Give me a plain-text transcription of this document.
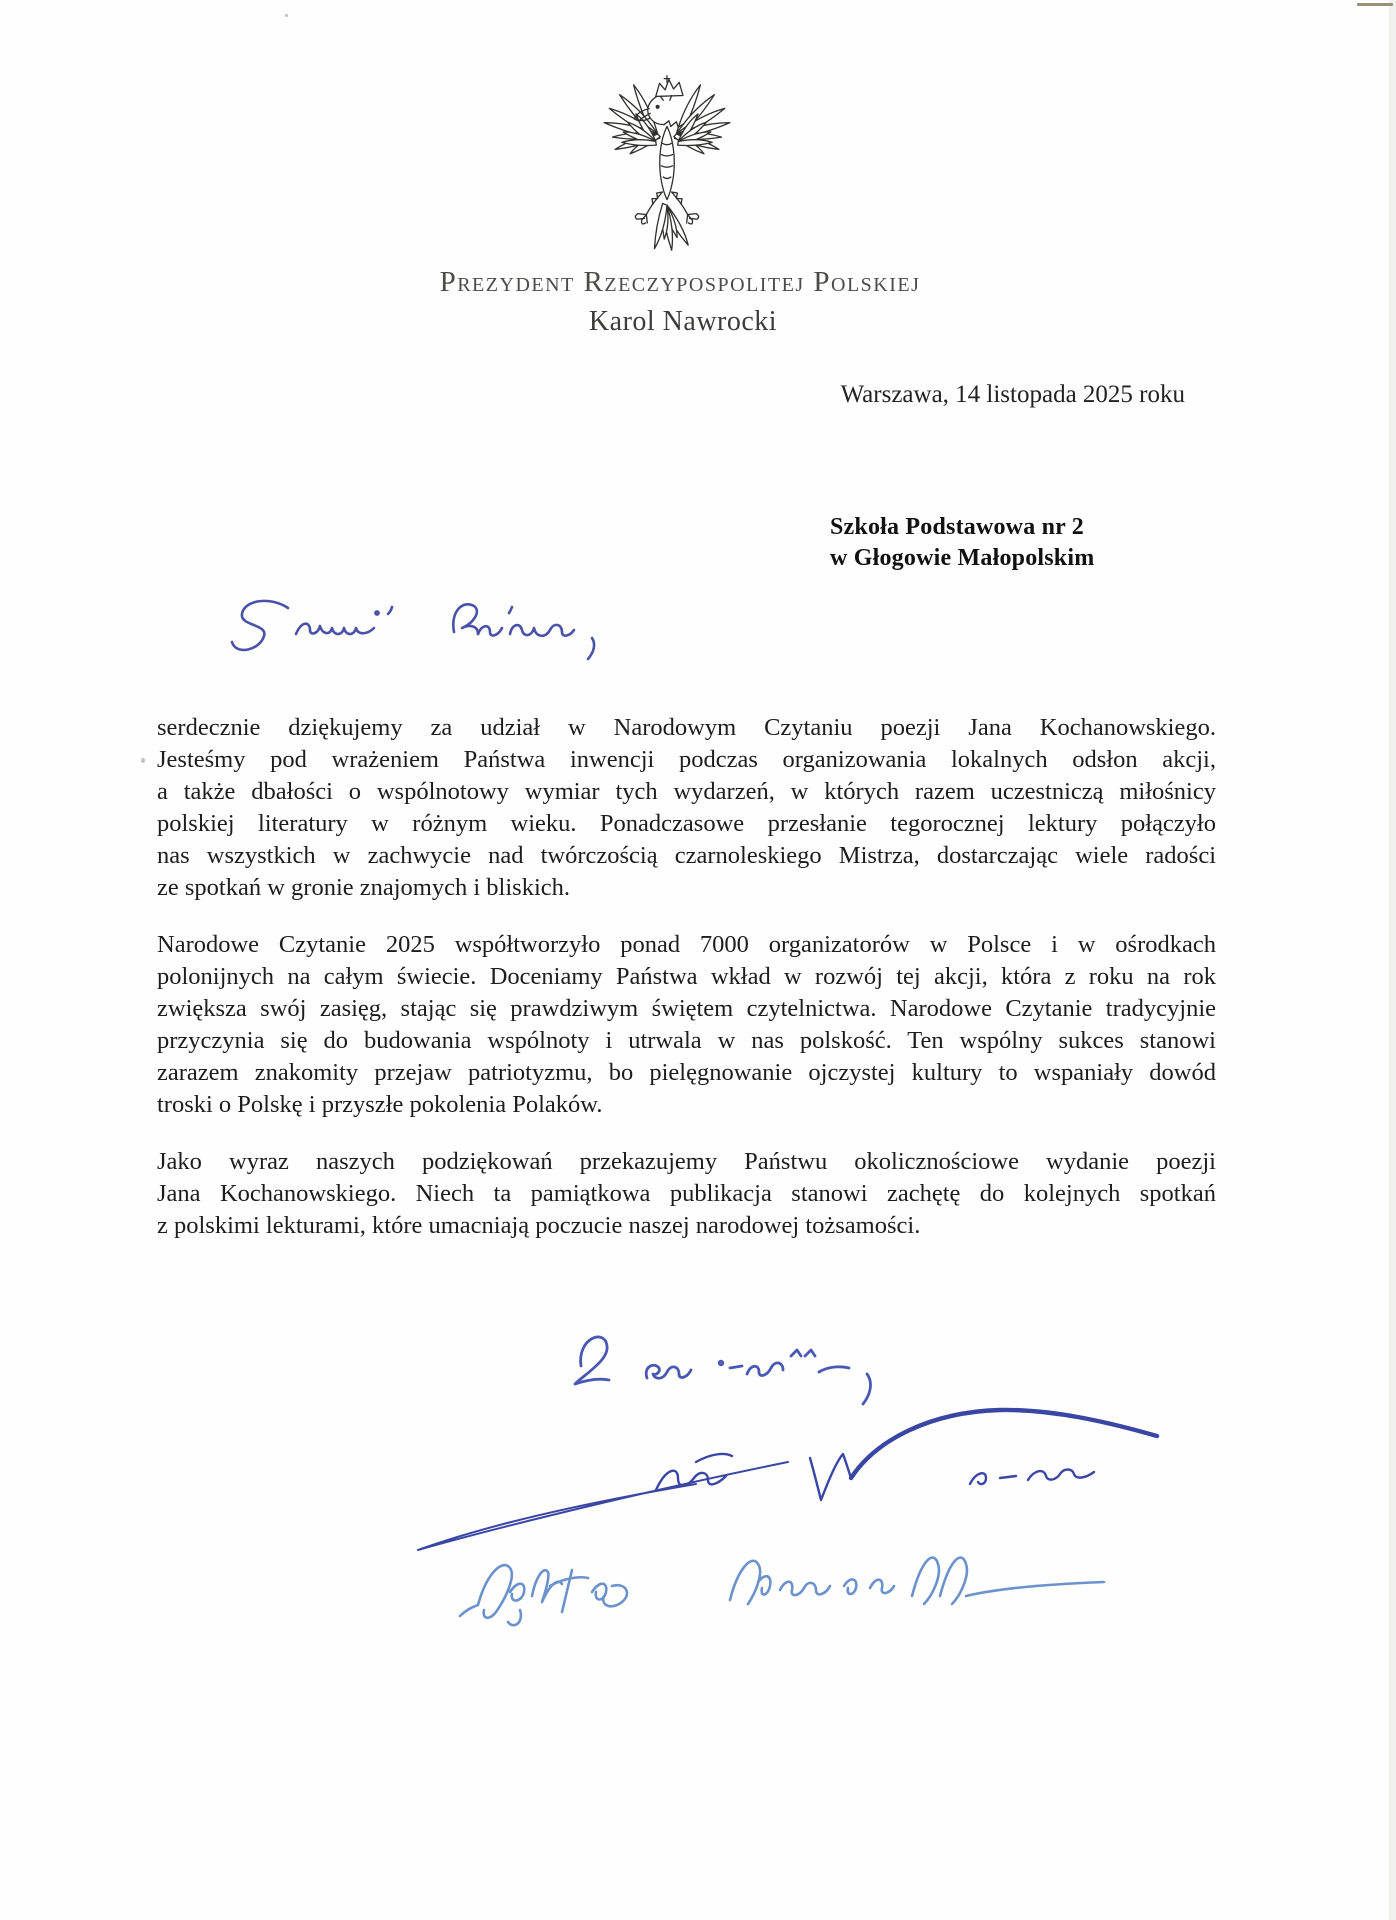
Prezydent Rzeczypospolitej Polskiej
Karol Nawrocki
Warszawa, 14 listopada 2025 roku
Szkoła Podstawowa nr 2
w Głogowie Małopolskim

serdecznie dziękujemy za udział w Narodowym Czytaniu poezji Jana Kochanowskiego.
Jesteśmy pod wrażeniem Państwa inwencji podczas organizowania lokalnych odsłon akcji,
a także dbałości o wspólnotowy wymiar tych wydarzeń, w których razem uczestniczą miłośnicy
polskiej literatury w różnym wieku. Ponadczasowe przesłanie tegorocznej lektury połączyło
nas wszystkich w zachwycie nad twórczością czarnoleskiego Mistrza, dostarczając wiele radości
ze spotkań w gronie znajomych i bliskich.

Narodowe Czytanie 2025 współtworzyło ponad 7000 organizatorów w Polsce i w ośrodkach
polonijnych na całym świecie. Doceniamy Państwa wkład w rozwój tej akcji, która z roku na rok
zwiększa swój zasięg, stając się prawdziwym świętem czytelnictwa. Narodowe Czytanie tradycyjnie
przyczynia się do budowania wspólnoty i utrwala w nas polskość. Ten wspólny sukces stanowi
zarazem znakomity przejaw patriotyzmu, bo pielęgnowanie ojczystej kultury to wspaniały dowód
troski o Polskę i przyszłe pokolenia Polaków.

Jako wyraz naszych podziękowań przekazujemy Państwu okolicznościowe wydanie poezji
Jana Kochanowskiego. Niech ta pamiątkowa publikacja stanowi zachętę do kolejnych spotkań
z polskimi lekturami, które umacniają poczucie naszej narodowej tożsamości.
